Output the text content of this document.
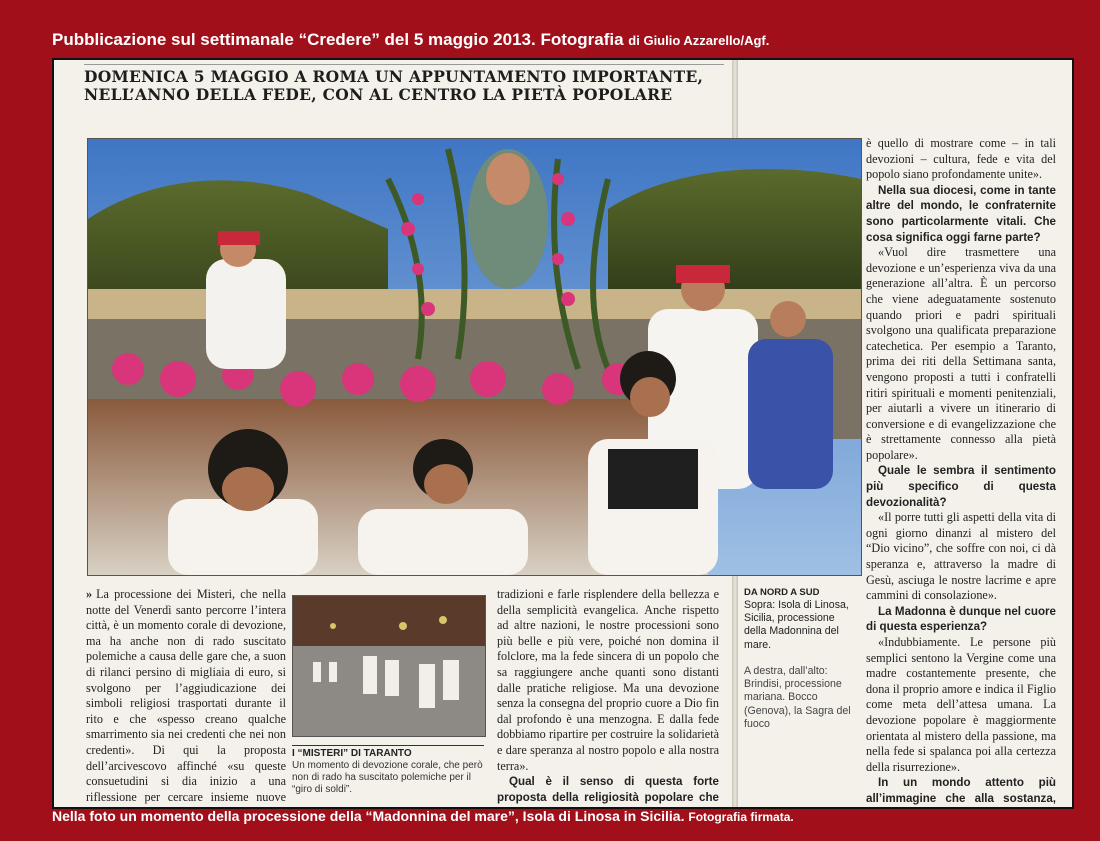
Pubblicazione sul settimanale “Credere” del 5 maggio 2013. Fotografia di Giulio Azzarello/Agf.
DOMENICA 5 MAGGIO A ROMA UN APPUNTAMENTO IMPORTANTE,
NELL’ANNO DELLA FEDE, CON AL CENTRO LA PIETÀ POPOLARE

» La processione dei Misteri, che nella notte del Venerdì santo percorre l’intera città, è un momento corale di devozione, ma ha anche non di rado suscitato polemiche a causa delle gare che, a suon di rilanci persino di migliaia di euro, si svolgono per l’aggiudicazione dei simboli religiosi trasportati durante il rito e che «spesso creano qualche smarrimento sia nei credenti che nei non credenti». Di qui la proposta dell’arcivescovo affinché «su queste consuetudini si dia inizio a una riflessione per cercare insieme nuove

I “MISTERI” DI TARANTO
Un momento di devozione corale, che però non di rado ha suscitato polemiche per il “giro di soldi”.

tradizioni e farle risplendere della bellezza e della semplicità evangelica. Anche rispetto ad altre nazioni, le nostre processioni sono più belle e più vere, poiché non domina il folclore, ma la fede sincera di un popolo che sa raggiungere anche quanti sono distanti dalle pratiche religiose. Ma una devozione senza la consegna del proprio cuore a Dio fin dal profondo è una menzogna. E dalla fede dobbiamo ripartire per costruire la solidarietà e dare speranza al nostro popolo e alla nostra terra».

Qual è il senso di questa forte proposta della religiosità popolare che

DA NORD A SUD
Sopra: Isola di Linosa, Sicilia, processione della Madonnina del mare.
A destra, dall’alto: Brindisi, processione mariana. Bocco (Genova), la Sagra del fuoco

è quello di mostrare come – in tali devozioni – cultura, fede e vita del popolo siano profondamente unite».

Nella sua diocesi, come in tante altre del mondo, le confraternite sono particolarmente vitali. Che cosa significa oggi farne parte?

«Vuol dire trasmettere una devozione e un’esperienza viva da una generazione all’altra. È un percorso che viene adeguatamente sostenuto quando priori e padri spirituali svolgono una qualificata preparazione catechetica. Per esempio a Taranto, prima dei riti della Settimana santa, vengono proposti a tutti i confratelli ritiri spirituali e momenti penitenziali, per aiutarli a vivere un itinerario di conversione e di evangelizzazione che è strettamente connesso alla pietà popolare».

Quale le sembra il sentimento più specifico di questa devozionalità?

«Il porre tutti gli aspetti della vita di ogni giorno dinanzi al mistero del “Dio vicino”, che soffre con noi, ci dà speranza e, attraverso la madre di Gesù, asciuga le nostre lacrime e apre cammini di consolazione».

La Madonna è dunque nel cuore di questa esperienza?

«Indubbiamente. Le persone più semplici sentono la Vergine come una madre costantemente presente, che dona il proprio amore e indica il Figlio come meta dell’attesa umana. La devozione popolare è maggiormente orientata al mistero della passione, ma nella fede si spalanca poi alla certezza della risurrezione».

In un mondo attento più all’immagine che alla sostanza,

Nella foto un momento della processione della “Madonnina del mare”, Isola di Linosa in Sicilia. Fotografia firmata.
